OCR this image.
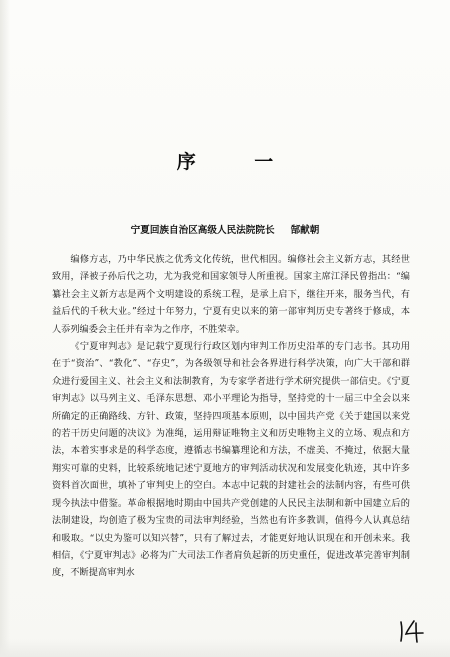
序 一
宁夏回族自治区高级人民法院院长 郜献朝

编修方志，乃中华民族之优秀文化传统，世代相因。编修社会主义新方志，其经世致用，泽被子孙后代之功，尤为我党和国家领导人所重视。国家主席江泽民曾指出：“编纂社会主义新方志是两个文明建设的系统工程，是承上启下，继往开来，服务当代，有益后代的千秋大业。”经过十年努力，宁夏有史以来的第一部审判历史专著终于修成，本人忝列编委会主任并有幸为之作序，不胜荣幸。

《宁夏审判志》是记载宁夏现行行政区划内审判工作历史沿革的专门志书。其功用在于“资治”、“教化”、“存史”，为各级领导和社会各界进行科学决策，向广大干部和群众进行爱国主义、社会主义和法制教育，为专家学者进行学术研究提供一部信史。《宁夏审判志》以马列主义、毛泽东思想、邓小平理论为指导，坚持党的十一届三中全会以来所确定的正确路线、方针、政策，坚持四项基本原则，以中国共产党《关于建国以来党的若干历史问题的决议》为准绳，运用辩证唯物主义和历史唯物主义的立场、观点和方法，本着实事求是的科学态度，遵循志书编纂理论和方法，不虚美、不掩过，依据大量翔实可靠的史料，比较系统地记述宁夏地方的审判活动状况和发展变化轨迹，其中许多资料首次面世，填补了审判史上的空白。本志中记载的封建社会的法制内容，有些可供现今执法中借鉴。革命根据地时期由中国共产党创建的人民民主法制和新中国建立后的法制建设，均创造了极为宝贵的司法审判经验，当然也有许多教训，值得今人认真总结和吸取。“以史为鉴可以知兴替”，只有了解过去，才能更好地认识现在和开创未来。我相信，《宁夏审判志》必将为广大司法工作者肩负起新的历史重任，促进改革完善审判制度，不断提高审判水
